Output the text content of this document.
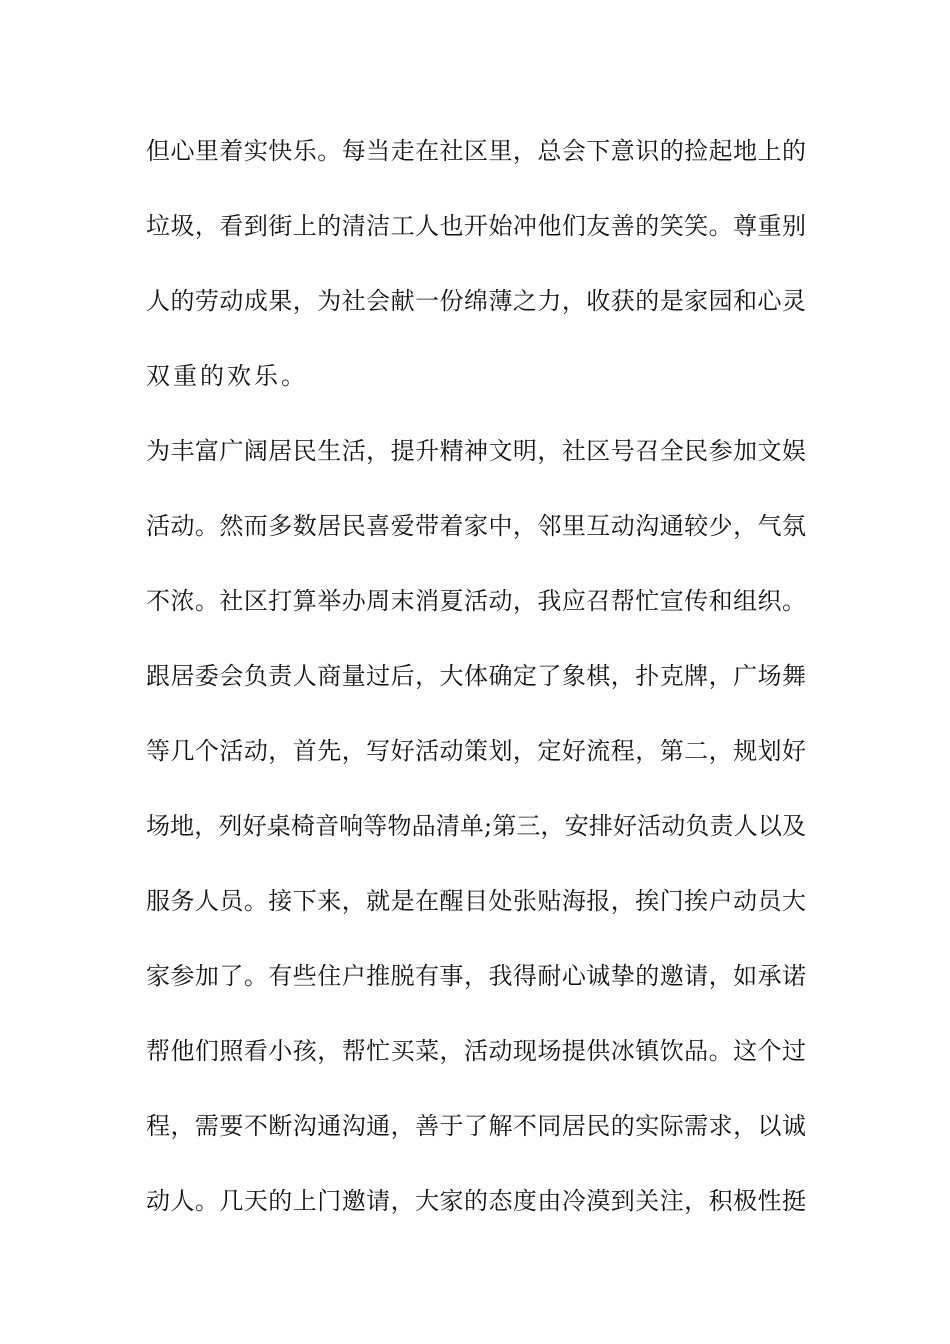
但心里着实快乐。每当走在社区里，总会下意识的捡起地上的
垃圾，看到街上的清洁工人也开始冲他们友善的笑笑。尊重别
人的劳动成果，为社会献一份绵薄之力，收获的是家园和心灵
双重的欢乐。
为丰富广阔居民生活，提升精神文明，社区号召全民参加文娱
活动。然而多数居民喜爱带着家中，邻里互动沟通较少，气氛
不浓。社区打算举办周末消夏活动，我应召帮忙宣传和组织。
跟居委会负责人商量过后，大体确定了象棋，扑克牌，广场舞
等几个活动，首先，写好活动策划，定好流程，第二，规划好
场地，列好桌椅音响等物品清单;第三，安排好活动负责人以及
服务人员。接下来，就是在醒目处张贴海报，挨门挨户动员大
家参加了。有些住户推脱有事，我得耐心诚挚的邀请，如承诺
帮他们照看小孩，帮忙买菜，活动现场提供冰镇饮品。这个过
程，需要不断沟通沟通，善于了解不同居民的实际需求，以诚
动人。几天的上门邀请，大家的态度由冷漠到关注，积极性挺
